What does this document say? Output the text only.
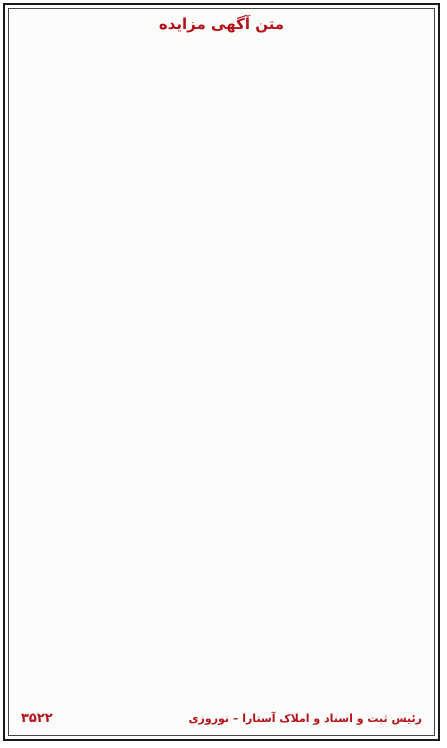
متن آگهی مزایده
رئیس ثبت و اسناد و املاک آستارا – نوروزی
۳۵۲۲
